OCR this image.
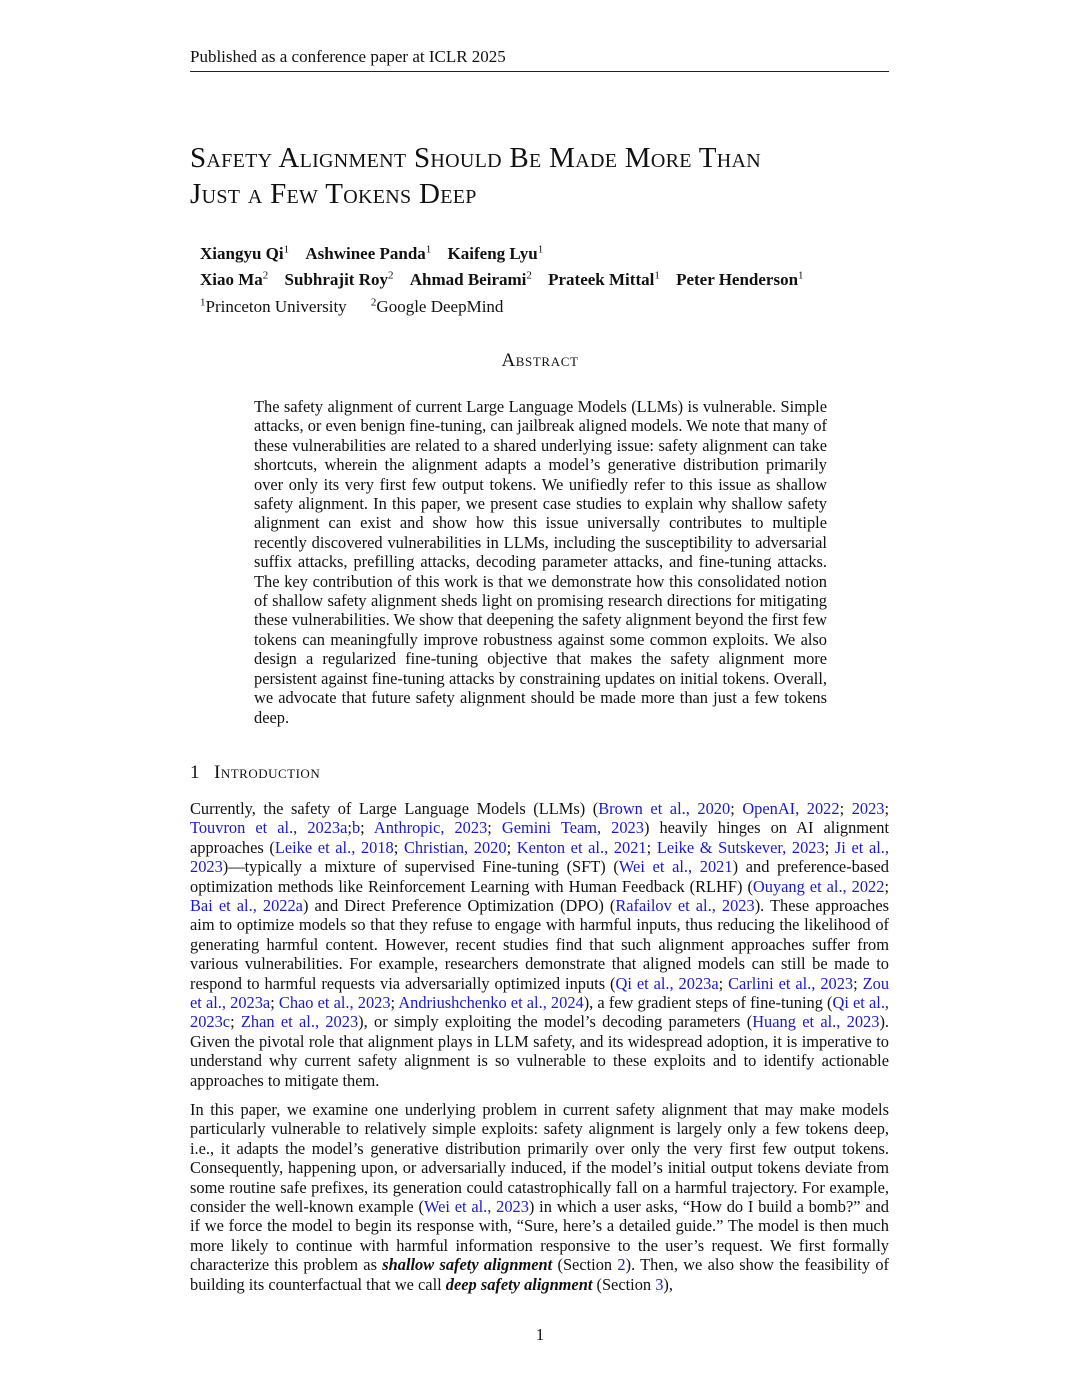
Published as a conference paper at ICLR 2025
Safety Alignment Should Be Made More Than
Just a Few Tokens Deep
Xiangyu Qi$^1$ Ashwinee Panda$^1$ Kaifeng Lyu$^1$
Xiao Ma$^2$ Subhrajit Roy$^2$ Ahmad Beirami$^2$ Prateek Mittal$^1$ Peter Henderson$^1$
$^1$Princeton University $^2$Google DeepMind
Abstract

The safety alignment of current Large Language Models (LLMs) is vulnerable. Simple attacks, or even benign fine-tuning, can jailbreak aligned models. We note that many of these vulnerabilities are related to a shared underlying issue: safety alignment can take shortcuts, wherein the alignment adapts a model’s generative distribution primarily over only its very first few output tokens. We unifiedly refer to this issue as shallow safety alignment. In this paper, we present case studies to explain why shallow safety alignment can exist and show how this issue universally contributes to multiple recently discovered vulnerabilities in LLMs, including the susceptibility to adversarial suffix attacks, prefilling attacks, decoding parameter attacks, and fine-tuning attacks. The key contribution of this work is that we demonstrate how this consolidated notion of shallow safety alignment sheds light on promising research directions for mitigating these vulnerabilities. We show that deepening the safety alignment beyond the first few tokens can meaningfully improve robustness against some common exploits. We also design a regularized fine-tuning objective that makes the safety alignment more persistent against fine-tuning attacks by constraining updates on initial tokens. Overall, we advocate that future safety alignment should be made more than just a few tokens deep.

1 Introduction

Currently, the safety of Large Language Models (LLMs) (Brown et al., 2020; OpenAI, 2022; 2023; Touvron et al., 2023a;b; Anthropic, 2023; Gemini Team, 2023) heavily hinges on AI alignment approaches (Leike et al., 2018; Christian, 2020; Kenton et al., 2021; Leike & Sutskever, 2023; Ji et al., 2023)—typically a mixture of supervised Fine-tuning (SFT) (Wei et al., 2021) and preference-based optimization methods like Reinforcement Learning with Human Feedback (RLHF) (Ouyang et al., 2022; Bai et al., 2022a) and Direct Preference Optimization (DPO) (Rafailov et al., 2023). These approaches aim to optimize models so that they refuse to engage with harmful inputs, thus reducing the likelihood of generating harmful content. However, recent studies find that such alignment approaches suffer from various vulnerabilities. For example, researchers demonstrate that aligned models can still be made to respond to harmful requests via adversarially optimized inputs (Qi et al., 2023a; Carlini et al., 2023; Zou et al., 2023a; Chao et al., 2023; Andriushchenko et al., 2024), a few gradient steps of fine-tuning (Qi et al., 2023c; Zhan et al., 2023), or simply exploiting the model’s decoding parameters (Huang et al., 2023). Given the pivotal role that alignment plays in LLM safety, and its widespread adoption, it is imperative to understand why current safety alignment is so vulnerable to these exploits and to identify actionable approaches to mitigate them.

In this paper, we examine one underlying problem in current safety alignment that may make models particularly vulnerable to relatively simple exploits: safety alignment is largely only a few tokens deep, i.e., it adapts the model’s generative distribution primarily over only the very first few output tokens. Consequently, happening upon, or adversarially induced, if the model’s initial output tokens deviate from some routine safe prefixes, its generation could catastrophically fall on a harmful trajectory. For example, consider the well-known example (Wei et al., 2023) in which a user asks, “How do I build a bomb?” and if we force the model to begin its response with, “Sure, here’s a detailed guide.” The model is then much more likely to continue with harmful information responsive to the user’s request. We first formally characterize this problem as shallow safety alignment (Section 2). Then, we also show the feasibility of building its counterfactual that we call deep safety alignment (Section 3),

1
